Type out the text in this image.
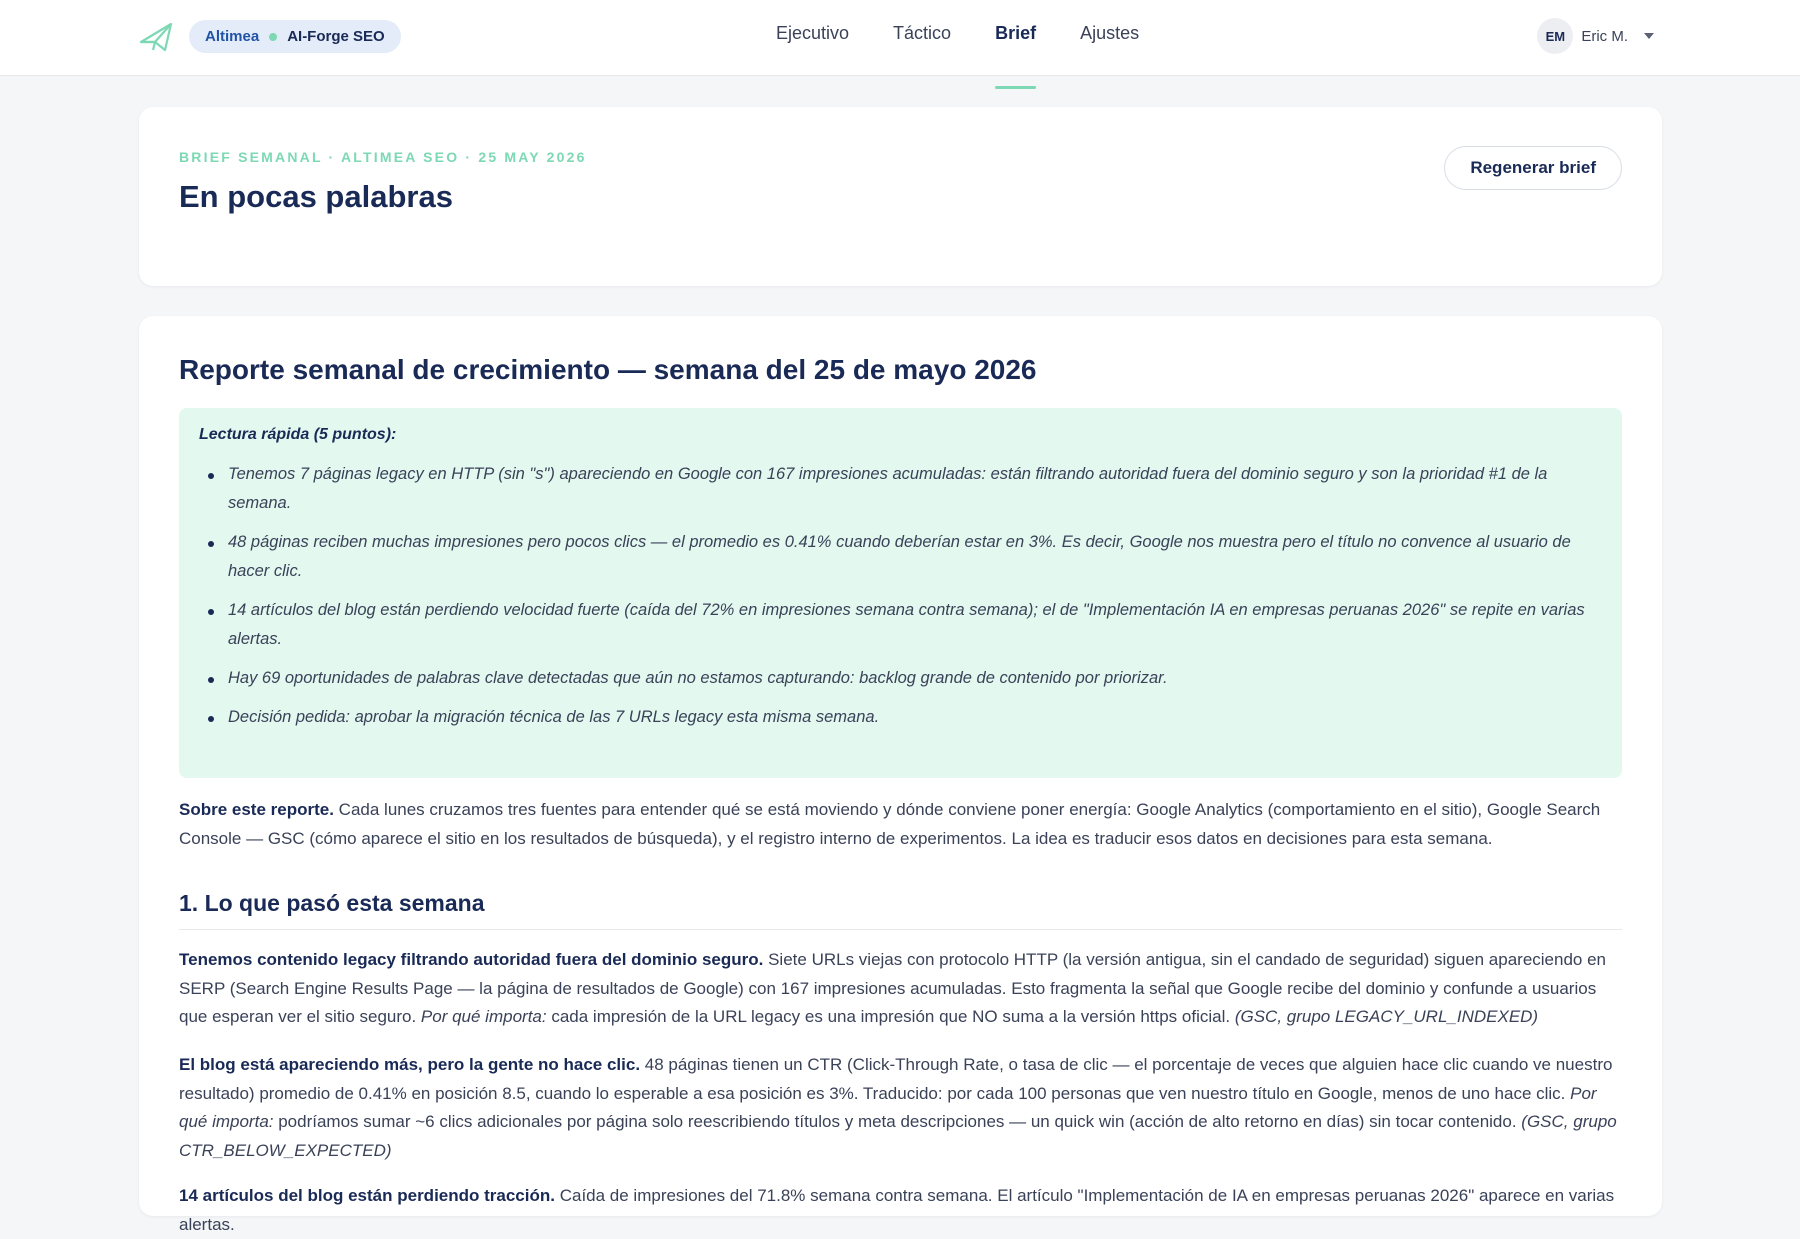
Altimea AI-Forge SEO	Ejecutivo Táctico Brief Ajustes	EM	Eric M.
BRIEF SEMANAL · ALTIMEA SEO · 25 MAY 2026
En pocas palabras
Regenerar brief
Reporte semanal de crecimiento — semana del 25 de mayo 2026
Lectura rápida (5 puntos):
Tenemos 7 páginas legacy en HTTP (sin "s") apareciendo en Google con 167 impresiones acumuladas: están filtrando autoridad fuera del dominio seguro y son la prioridad #1 de la semana.
48 páginas reciben muchas impresiones pero pocos clics — el promedio es 0.41% cuando deberían estar en 3%. Es decir, Google nos muestra pero el título no convence al usuario de hacer clic.
14 artículos del blog están perdiendo velocidad fuerte (caída del 72% en impresiones semana contra semana); el de "Implementación IA en empresas peruanas 2026" se repite en varias alertas.
Hay 69 oportunidades de palabras clave detectadas que aún no estamos capturando: backlog grande de contenido por priorizar.
Decisión pedida: aprobar la migración técnica de las 7 URLs legacy esta misma semana.

Sobre este reporte. Cada lunes cruzamos tres fuentes para entender qué se está moviendo y dónde conviene poner energía: Google Analytics (comportamiento en el sitio), Google Search Console — GSC (cómo aparece el sitio en los resultados de búsqueda), y el registro interno de experimentos. La idea es traducir esos datos en decisiones para esta semana.

1. Lo que pasó esta semana

Tenemos contenido legacy filtrando autoridad fuera del dominio seguro. Siete URLs viejas con protocolo HTTP (la versión antigua, sin el candado de seguridad) siguen apareciendo en SERP (Search Engine Results Page — la página de resultados de Google) con 167 impresiones acumuladas. Esto fragmenta la señal que Google recibe del dominio y confunde a usuarios que esperan ver el sitio seguro. Por qué importa: cada impresión de la URL legacy es una impresión que NO suma a la versión https oficial. (GSC, grupo LEGACY_URL_INDEXED)

El blog está apareciendo más, pero la gente no hace clic. 48 páginas tienen un CTR (Click-Through Rate, o tasa de clic — el porcentaje de veces que alguien hace clic cuando ve nuestro resultado) promedio de 0.41% en posición 8.5, cuando lo esperable a esa posición es 3%. Traducido: por cada 100 personas que ven nuestro título en Google, menos de uno hace clic. Por qué importa: podríamos sumar ~6 clics adicionales por página solo reescribiendo títulos y meta descripciones — un quick win (acción de alto retorno en días) sin tocar contenido. (GSC, grupo CTR_BELOW_EXPECTED)

14 artículos del blog están perdiendo tracción. Caída de impresiones del 71.8% semana contra semana. El artículo "Implementación de IA en empresas peruanas 2026" aparece en varias alertas.
